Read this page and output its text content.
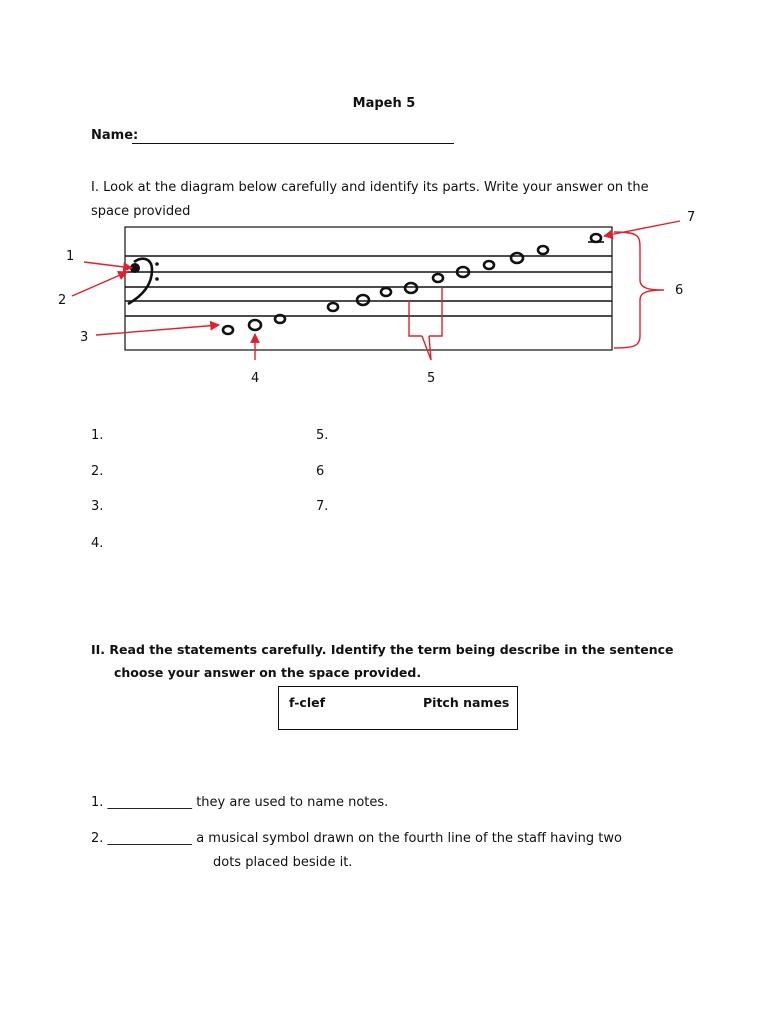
Mapeh 5
Name:
I. Look at the diagram below carefully and identify its parts. Write your answer on the
space provided
1
2
3
4	5
6
7
1.
2.
3.
4.
5.
6
7.
II. Read the statements carefully. Identify the term being describe in the sentence
choose your answer on the space provided.
f-clef	Pitch names
1. _____________ they are used to name notes.
2. _____________ a musical symbol drawn on the fourth line of the staff having two
dots placed beside it.
